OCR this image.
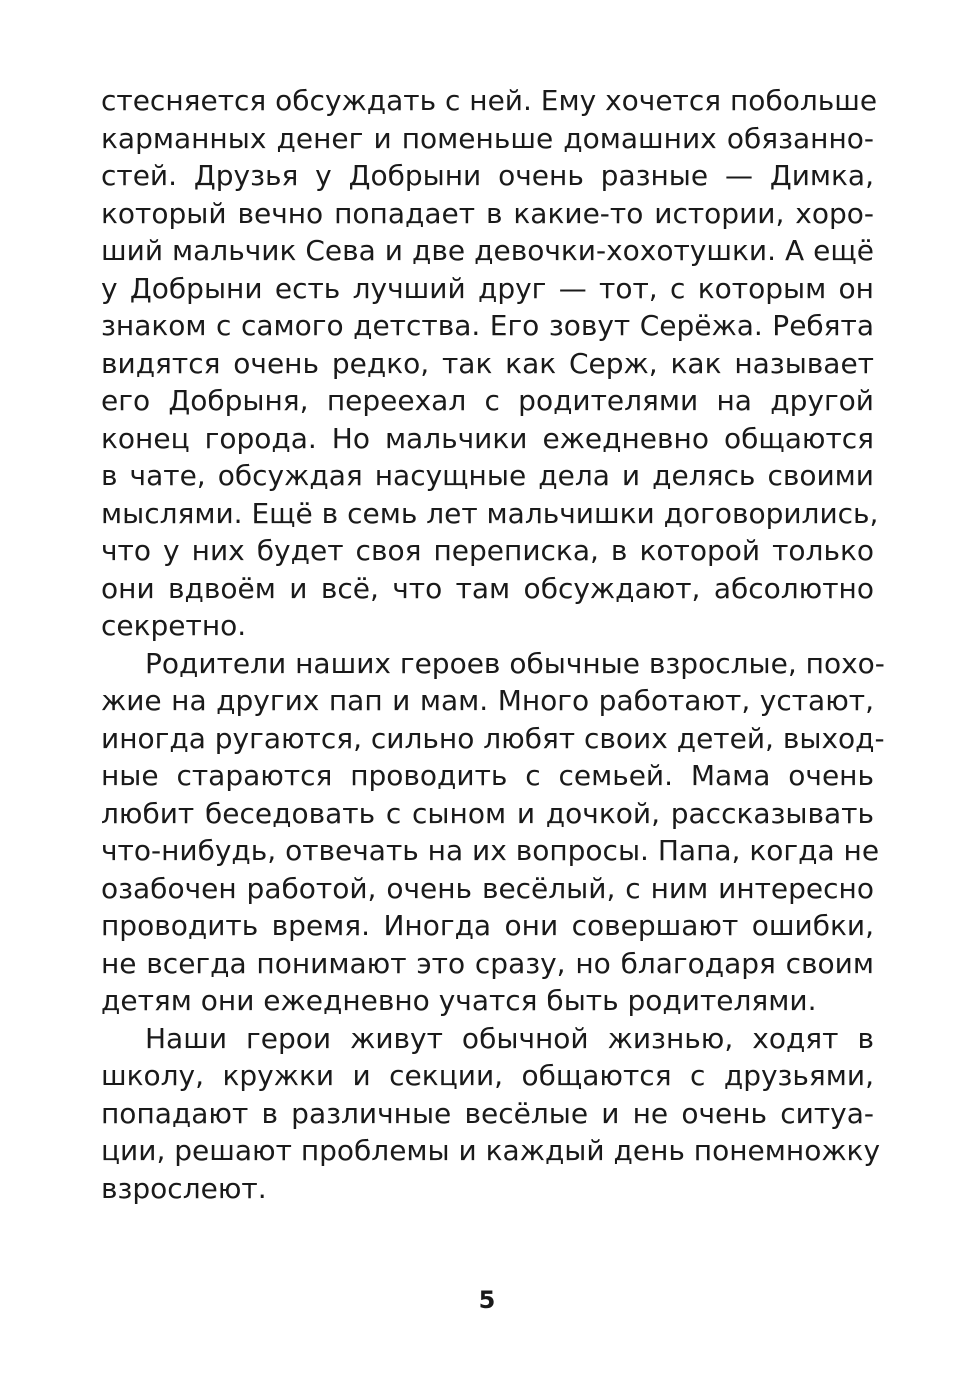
стесняется обсуждать с ней. Ему хочется побольше
карманных денег и поменьше домашних обязанно-
стей. Друзья у Добрыни очень разные — Димка,
который вечно попадает в какие-то истории, хоро-
ший мальчик Сева и две девочки-хохотушки. А ещё
у Добрыни есть лучший друг — тот, с которым он
знаком с самого детства. Его зовут Серёжа. Ребята
видятся очень редко, так как Серж, как называет
его Добрыня, переехал с родителями на другой
конец города. Но мальчики ежедневно общаются
в чате, обсуждая насущные дела и делясь своими
мыслями. Ещё в семь лет мальчишки договорились,
что у них будет своя переписка, в которой только
они вдвоём и всё, что там обсуждают, абсолютно
секретно.
Родители наших героев обычные взрослые, похо-
жие на других пап и мам. Много работают, устают,
иногда ругаются, сильно любят своих детей, выход-
ные стараются проводить с семьей. Мама очень
любит беседовать с сыном и дочкой, рассказывать
что-нибудь, отвечать на их вопросы. Папа, когда не
озабочен работой, очень весёлый, с ним интересно
проводить время. Иногда они совершают ошибки,
не всегда понимают это сразу, но благодаря своим
детям они ежедневно учатся быть родителями.
Наши герои живут обычной жизнью, ходят в
школу, кружки и секции, общаются с друзьями,
попадают в различные весёлые и не очень ситуа-
ции, решают проблемы и каждый день понемножку
взрослеют.
5
